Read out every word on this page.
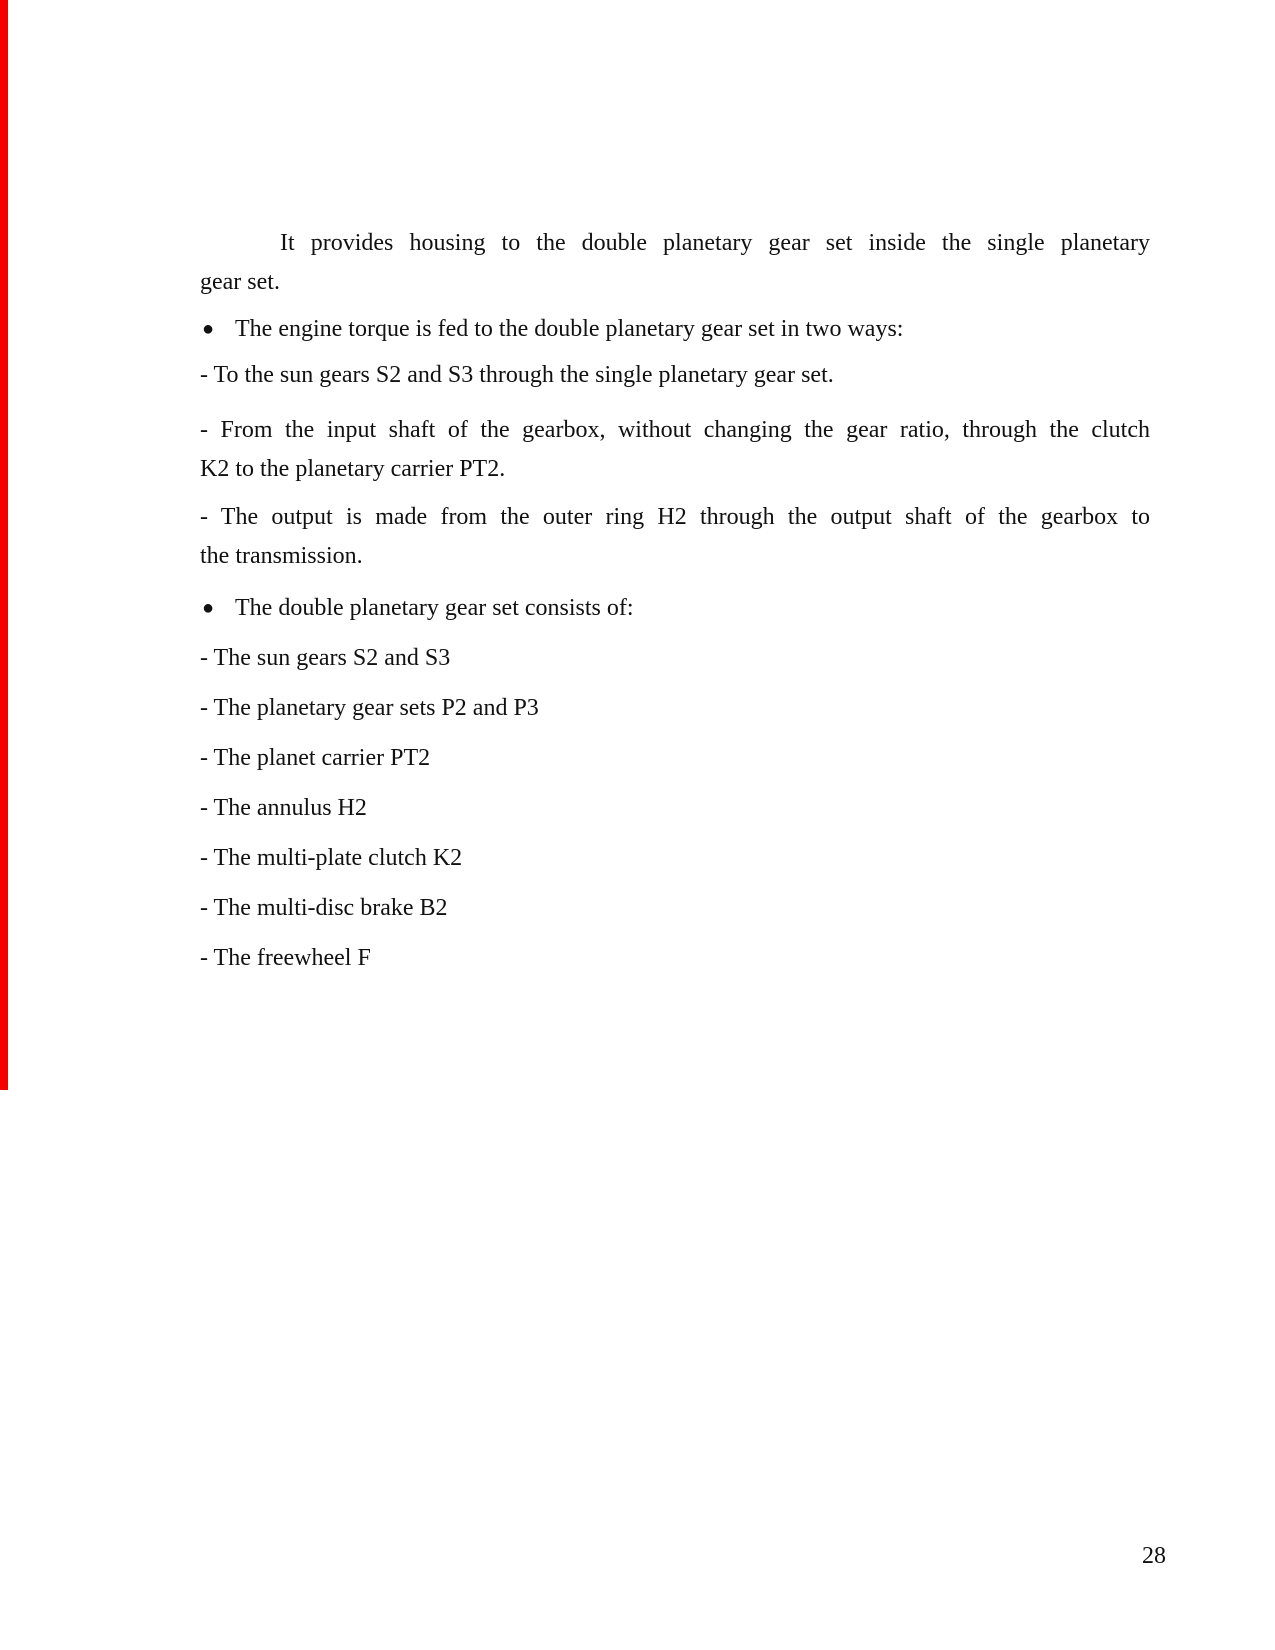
It provides housing to the double planetary gear set inside the single planetary
gear set.
● The engine torque is fed to the double planetary gear set in two ways:
- To the sun gears S2 and S3 through the single planetary gear set.
- From the input shaft of the gearbox, without changing the gear ratio, through the clutch
K2 to the planetary carrier PT2.
- The output is made from the outer ring H2 through the output shaft of the gearbox to
the transmission.
● The double planetary gear set consists of:
- The sun gears S2 and S3
- The planetary gear sets P2 and P3
- The planet carrier PT2
- The annulus H2
- The multi-plate clutch K2
- The multi-disc brake B2
- The freewheel F
28
